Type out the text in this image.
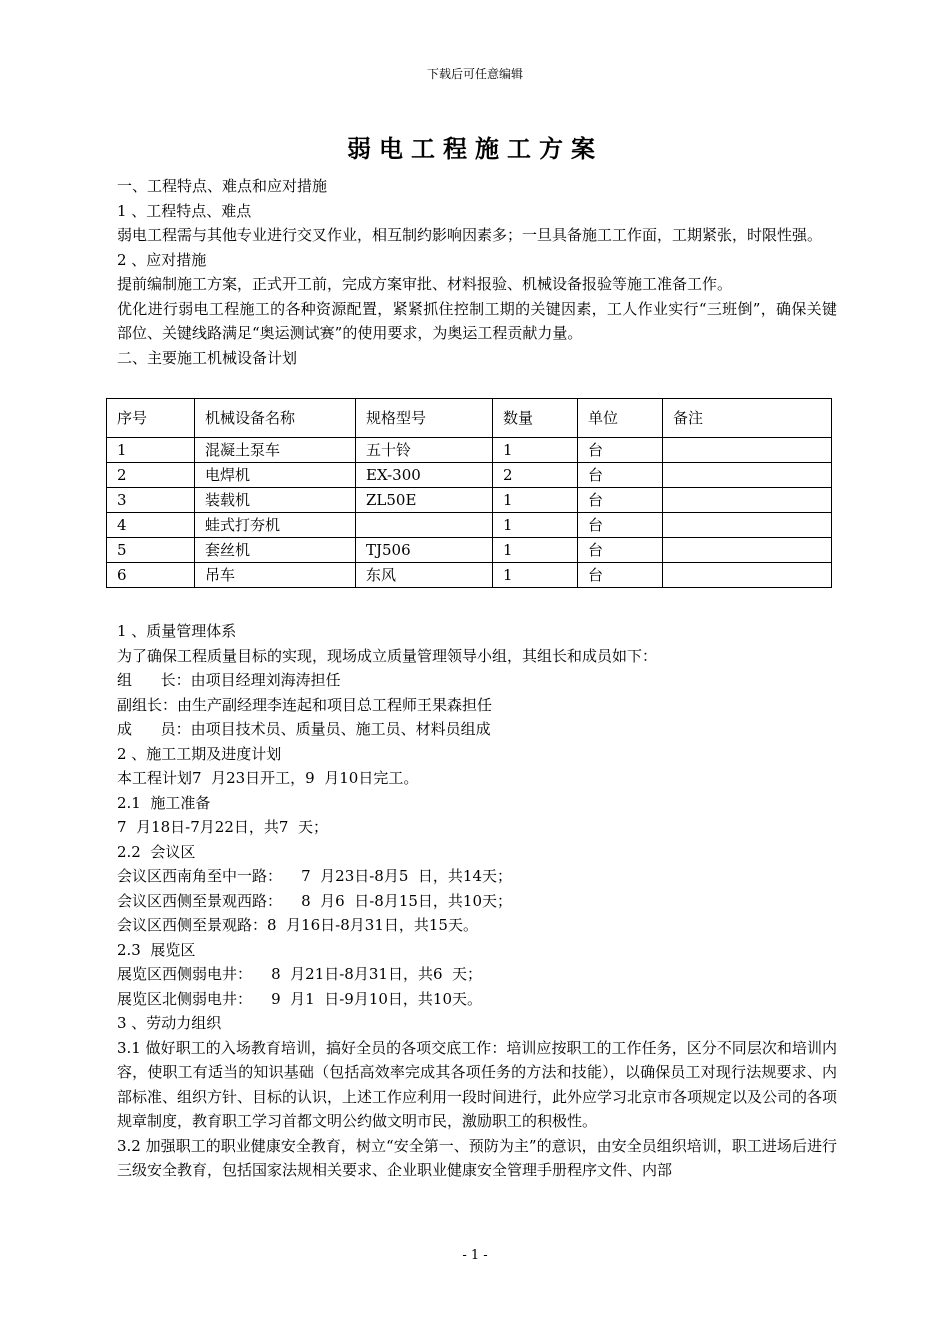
下载后可任意编辑
弱电工程施工方案

一、工程特点、难点和应对措施

1 、工程特点、难点

弱电工程需与其他专业进行交叉作业，相互制约影响因素多；一旦具备施工工作面，工期紧张，时限性强。

2 、应对措施

提前编制施工方案，正式开工前，完成方案审批、材料报验、机械设备报验等施工准备工作。

优化进行弱电工程施工的各种资源配置，紧紧抓住控制工期的关键因素，工人作业实行“三班倒”，确保关键部位、关键线路满足“奥运测试赛”的使用要求，为奥运工程贡献力量。

二、主要施工机械设备计划

序号	机械设备名称	规格型号	数量	单位	备注
1	混凝土泵车	五十铃	1	台	
2	电焊机	EX-300	2	台	
3	装载机	ZL50E	1	台	
4	蛙式打夯机		1	台	
5	套丝机	TJ506	1	台	
6	吊车	东风	1	台	

1 、质量管理体系

为了确保工程质量目标的实现，现场成立质量管理领导小组，其组长和成员如下：

组      长：由项目经理刘海涛担任

副组长：由生产副经理李连起和项目总工程师王果森担任

成      员：由项目技术员、质量员、施工员、材料员组成

2 、施工工期及进度计划

本工程计划7  月23日开工，9  月10日完工。

2.1  施工准备

7  月18日-7月22日，共7  天；

2.2  会议区

会议区西南角至中一路：    7  月23日-8月5  日，共14天；

会议区西侧至景观西路：    8  月6  日-8月15日，共10天；

会议区西侧至景观路：8  月16日-8月31日，共15天。

2.3  展览区

展览区西侧弱电井：    8  月21日-8月31日，共6  天；

展览区北侧弱电井：    9  月1  日-9月10日，共10天。

3 、劳动力组织

3.1 做好职工的入场教育培训，搞好全员的各项交底工作：培训应按职工的工作任务，区分不同层次和培训内容，使职工有适当的知识基础（包括高效率完成其各项任务的方法和技能），以确保员工对现行法规要求、内部标准、组织方针、目标的认识，上述工作应利用一段时间进行，此外应学习北京市各项规定以及公司的各项规章制度，教育职工学习首都文明公约做文明市民，激励职工的积极性。

3.2 加强职工的职业健康安全教育，树立“安全第一、预防为主”的意识，由安全员组织培训，职工进场后进行三级安全教育，包括国家法规相关要求、企业职业健康安全管理手册程序文件、内部

- 1 -
